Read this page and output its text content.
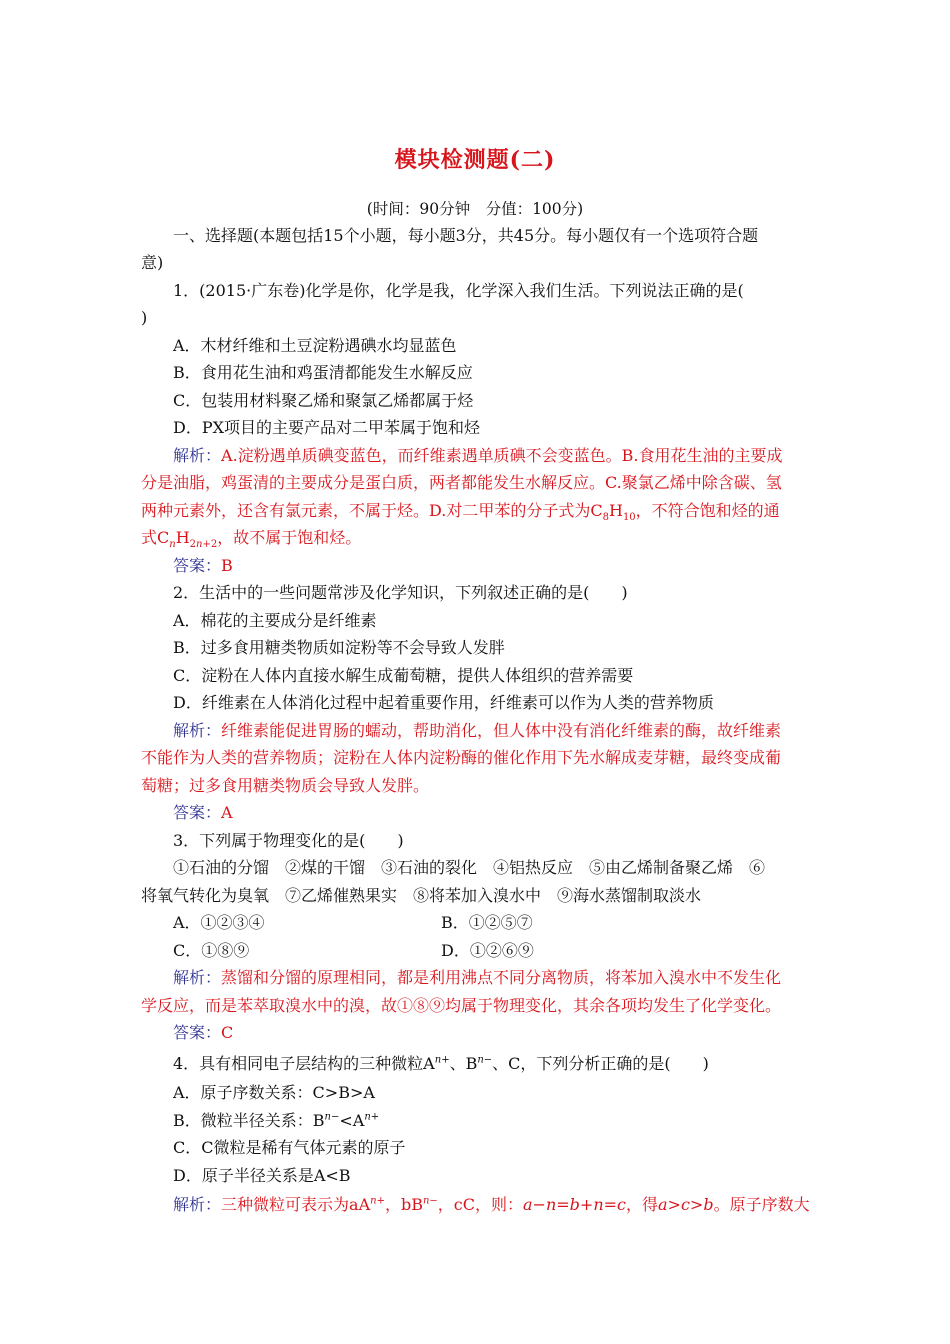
模块检测题(二)
(时间：90分钟　分值：100分)
一、选择题(本题包括15个小题，每小题3分，共45分。每小题仅有一个选项符合题
意)
1．(2015·广东卷)化学是你，化学是我，化学深入我们生活。下列说法正确的是(
)
A．木材纤维和土豆淀粉遇碘水均显蓝色
B．食用花生油和鸡蛋清都能发生水解反应
C．包装用材料聚乙烯和聚氯乙烯都属于烃
D．PX项目的主要产品对二甲苯属于饱和烃
解析：A.淀粉遇单质碘变蓝色，而纤维素遇单质碘不会变蓝色。B.食用花生油的主要成
分是油脂，鸡蛋清的主要成分是蛋白质，两者都能发生水解反应。C.聚氯乙烯中除含碳、氢
两种元素外，还含有氯元素，不属于烃。D.对二甲苯的分子式为$C_8H_{10}$，不符合饱和烃的通
式$C_nH_{2n+2}$，故不属于饱和烃。
答案：B
2．生活中的一些问题常涉及化学知识，下列叙述正确的是(　　)
A．棉花的主要成分是纤维素
B．过多食用糖类物质如淀粉等不会导致人发胖
C．淀粉在人体内直接水解生成葡萄糖，提供人体组织的营养需要
D．纤维素在人体消化过程中起着重要作用，纤维素可以作为人类的营养物质
解析：纤维素能促进胃肠的蠕动，帮助消化，但人体中没有消化纤维素的酶，故纤维素
不能作为人类的营养物质；淀粉在人体内淀粉酶的催化作用下先水解成麦芽糖，最终变成葡
萄糖；过多食用糖类物质会导致人发胖。
答案：A
3．下列属于物理变化的是(　　)
①石油的分馏　②煤的干馏　③石油的裂化　④铝热反应　⑤由乙烯制备聚乙烯　⑥
将氧气转化为臭氧　⑦乙烯催熟果实　⑧将苯加入溴水中　⑨海水蒸馏制取淡水
A．①②③④	B．①②⑤⑦
C．①⑧⑨	D．①②⑥⑨
解析：蒸馏和分馏的原理相同，都是利用沸点不同分离物质，将苯加入溴水中不发生化
学反应，而是苯萃取溴水中的溴，故①⑧⑨均属于物理变化，其余各项均发生了化学变化。
答案：C
4．具有相同电子层结构的三种微粒$A^{n+}$、$B^{n-}$、C，下列分析正确的是(　　)
A．原子序数关系：C>B>A
B．微粒半径关系：$B^{n-}<A^{n+}$
C．C微粒是稀有气体元素的原子
D．原子半径关系是A<B
解析：三种微粒可表示为$aA^{n+}$，$bB^{n-}$，cC，则：a−n=b+n=c，得a>c>b。原子序数大
